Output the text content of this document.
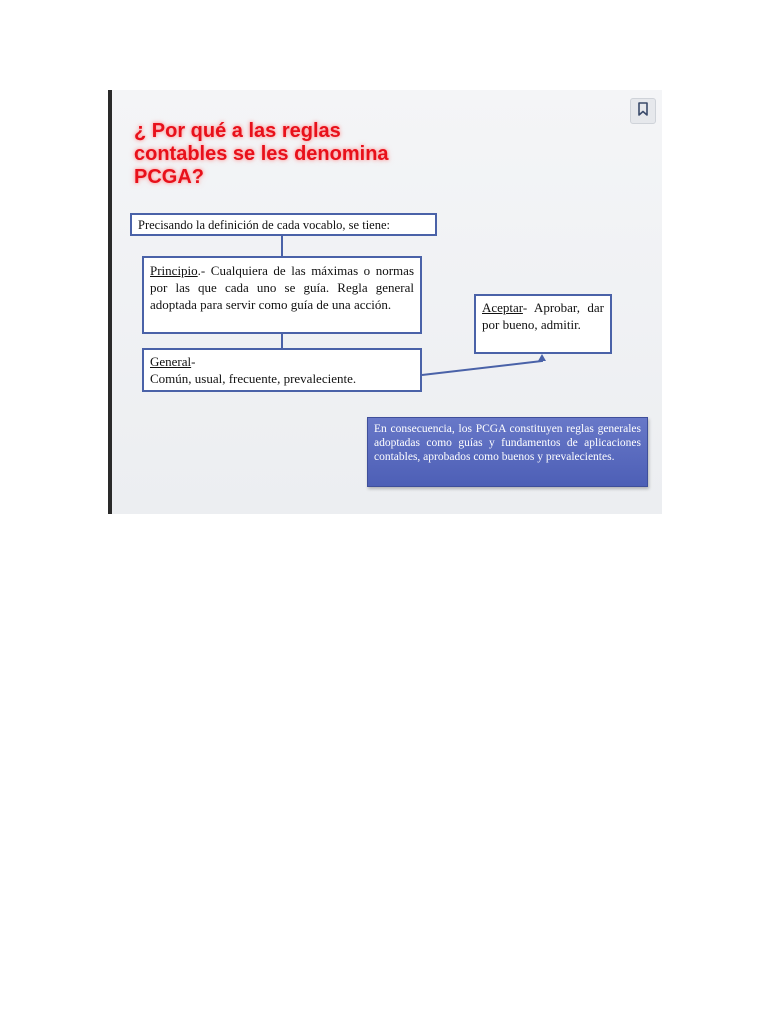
¿ Por qué a las reglas contables se les denomina PCGA?
Precisando la definición de cada vocablo, se tiene:
Principio.- Cualquiera de las máximas o normas por las que cada uno se guía. Regla general adoptada para servir como guía de una acción.
General-
Común, usual, frecuente, prevaleciente.
Aceptar- Aprobar, dar por bueno, admitir.
En consecuencia, los PCGA constituyen reglas generales adoptadas como guías y fundamentos de aplicaciones contables, aprobados como buenos y prevalecientes.
